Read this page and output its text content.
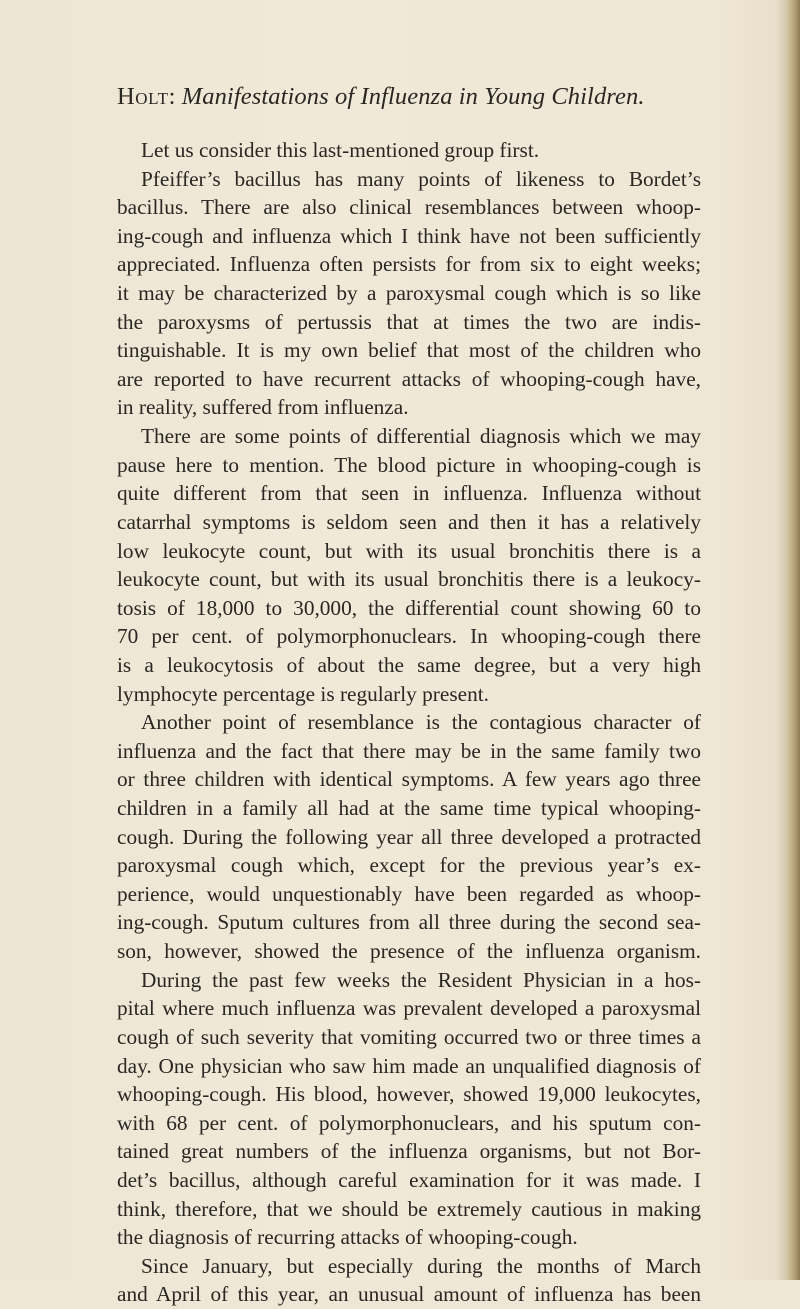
Holt: Manifestations of Influenza in Young Children.
Let us consider this last-mentioned group first.
Pfeiffer’s bacillus has many points of likeness to Bordet’s
bacillus. There are also clinical resemblances between whoop-
ing-cough and influenza which I think have not been sufficiently
appreciated. Influenza often persists for from six to eight weeks;
it may be characterized by a paroxysmal cough which is so like
the paroxysms of pertussis that at times the two are indis-
tinguishable. It is my own belief that most of the children who
are reported to have recurrent attacks of whooping-cough have,
in reality, suffered from influenza.
There are some points of differential diagnosis which we may
pause here to mention. The blood picture in whooping-cough is
quite different from that seen in influenza. Influenza without
catarrhal symptoms is seldom seen and then it has a relatively
low leukocyte count, but with its usual bronchitis there is a
leukocyte count, but with its usual bronchitis there is a leukocy-
tosis of 18,000 to 30,000, the differential count showing 60 to
70 per cent. of polymorphonuclears. In whooping-cough there
is a leukocytosis of about the same degree, but a very high
lymphocyte percentage is regularly present.
Another point of resemblance is the contagious character of
influenza and the fact that there may be in the same family two
or three children with identical symptoms. A few years ago three
children in a family all had at the same time typical whooping-
cough. During the following year all three developed a protracted
paroxysmal cough which, except for the previous year’s ex-
perience, would unquestionably have been regarded as whoop-
ing-cough. Sputum cultures from all three during the second sea-
son, however, showed the presence of the influenza organism.
During the past few weeks the Resident Physician in a hos-
pital where much influenza was prevalent developed a paroxysmal
cough of such severity that vomiting occurred two or three times a
day. One physician who saw him made an unqualified diagnosis of
whooping-cough. His blood, however, showed 19,000 leukocytes,
with 68 per cent. of polymorphonuclears, and his sputum con-
tained great numbers of the influenza organisms, but not Bor-
det’s bacillus, although careful examination for it was made. I
think, therefore, that we should be extremely cautious in making
the diagnosis of recurring attacks of whooping-cough.
Since January, but especially during the months of March
and April of this year, an unusual amount of influenza has been
